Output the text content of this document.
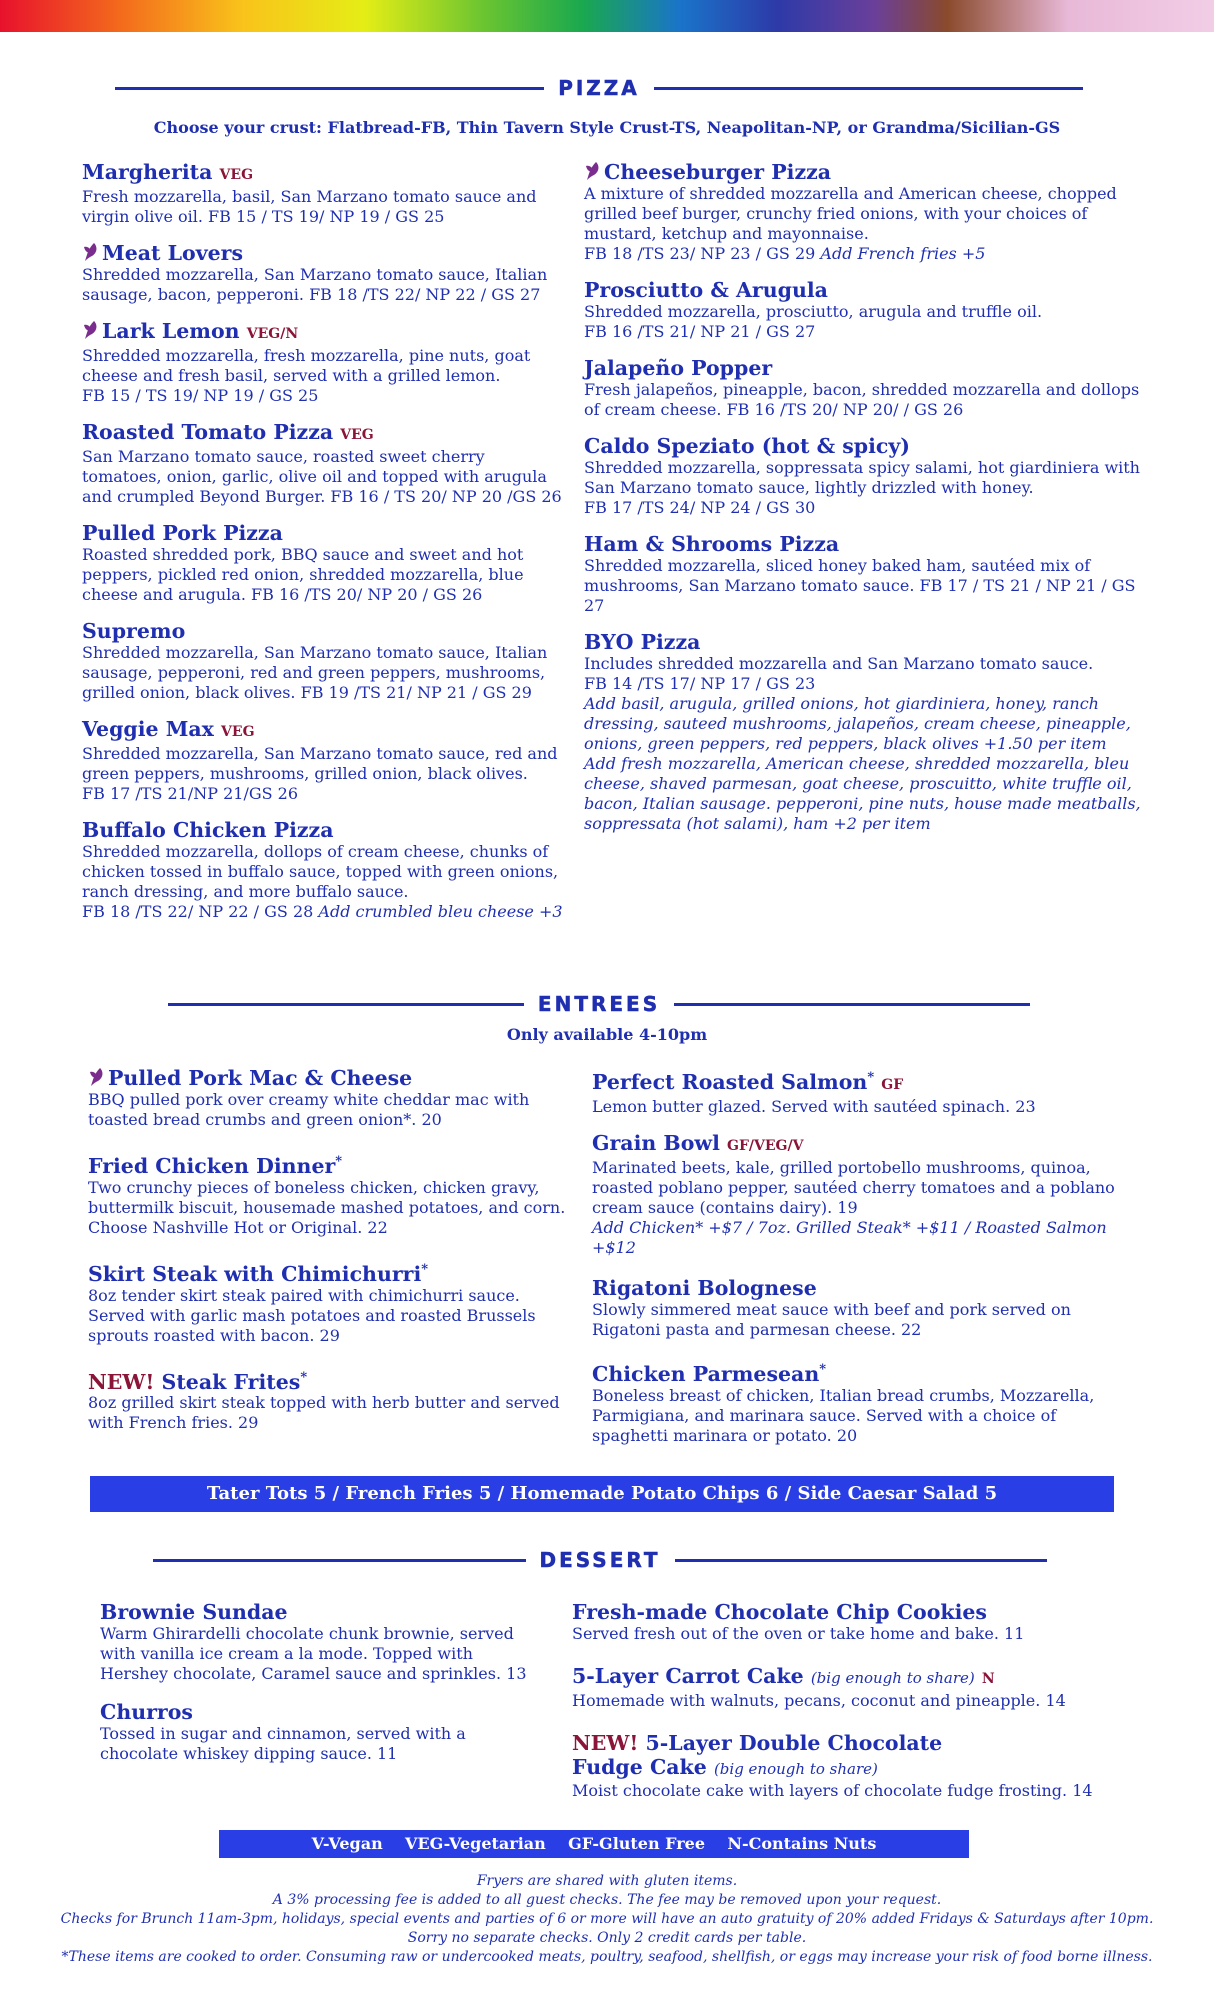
PIZZA
Choose your crust: Flatbread-FB, Thin Tavern Style Crust-TS, Neapolitan-NP, or Grandma/Sicilian-GS
Margherita VEG
Fresh mozzarella, basil, San Marzano tomato sauce and virgin olive oil. FB 15 / TS 19/ NP 19 / GS 25
Meat Lovers
Shredded mozzarella, San Marzano tomato sauce, Italian sausage, bacon, pepperoni. FB 18 /TS 22/ NP 22 / GS 27
Lark Lemon VEG/N
Shredded mozzarella, fresh mozzarella, pine nuts, goat cheese and fresh basil, served with a grilled lemon.
FB 15 / TS 19/ NP 19 / GS 25
Roasted Tomato Pizza VEG
San Marzano tomato sauce, roasted sweet cherry tomatoes, onion, garlic, olive oil and topped with arugula
and crumpled Beyond Burger. FB 16 / TS 20/ NP 20 /GS 26
Pulled Pork Pizza
Roasted shredded pork, BBQ sauce and sweet and hot peppers, pickled red onion, shredded mozzarella, blue cheese and arugula. FB 16 /TS 20/ NP 20 / GS 26
Supremo
Shredded mozzarella, San Marzano tomato sauce, Italian sausage, pepperoni, red and green peppers, mushrooms, grilled onion, black olives. FB 19 /TS 21/ NP 21 / GS 29
Veggie Max VEG
Shredded mozzarella, San Marzano tomato sauce, red and green peppers, mushrooms, grilled onion, black olives.
FB 17 /TS 21/NP 21/GS 26
Buffalo Chicken Pizza
Shredded mozzarella, dollops of cream cheese, chunks of chicken tossed in buffalo sauce, topped with green onions, ranch dressing, and more buffalo sauce.
FB 18 /TS 22/ NP 22 / GS 28 Add crumbled bleu cheese +3
Cheeseburger Pizza
A mixture of shredded mozzarella and American cheese, chopped grilled beef burger, crunchy fried onions, with your choices of mustard, ketchup and mayonnaise.
FB 18 /TS 23/ NP 23 / GS 29 Add French fries +5
Prosciutto & Arugula
Shredded mozzarella, prosciutto, arugula and truffle oil.
FB 16 /TS 21/ NP 21 / GS 27
Jalapeño Popper
Fresh jalapeños, pineapple, bacon, shredded mozzarella and dollops of cream cheese. FB 16 /TS 20/ NP 20/ / GS 26
Caldo Speziato (hot & spicy)
Shredded mozzarella, soppressata spicy salami, hot giardiniera with San Marzano tomato sauce, lightly drizzled with honey.
FB 17 /TS 24/ NP 24 / GS 30
Ham & Shrooms Pizza
Shredded mozzarella, sliced honey baked ham, sautéed mix of mushrooms, San Marzano tomato sauce. FB 17 / TS 21 / NP 21 / GS 27
BYO Pizza
Includes shredded mozzarella and San Marzano tomato sauce.
FB 14 /TS 17/ NP 17 / GS 23
Add basil, arugula, grilled onions, hot giardiniera, honey, ranch dressing, sauteed mushrooms, jalapeños, cream cheese, pineapple, onions, green peppers, red peppers, black olives +1.50 per item
Add fresh mozzarella, American cheese, shredded mozzarella, bleu cheese, shaved parmesan, goat cheese, proscuitto, white truffle oil, bacon, Italian sausage. pepperoni, pine nuts, house made meatballs, soppressata (hot salami), ham +2 per item
ENTREES
Only available 4-10pm
Pulled Pork Mac & Cheese
BBQ pulled pork over creamy white cheddar mac with toasted bread crumbs and green onion*. 20
Fried Chicken Dinner*
Two crunchy pieces of boneless chicken, chicken gravy, buttermilk biscuit, housemade mashed potatoes, and corn. Choose Nashville Hot or Original. 22
Skirt Steak with Chimichurri*
8oz tender skirt steak paired with chimichurri sauce. Served with garlic mash potatoes and roasted Brussels sprouts roasted with bacon. 29
NEW! Steak Frites*
8oz grilled skirt steak topped with herb butter and served with French fries. 29
Perfect Roasted Salmon* GF
Lemon butter glazed. Served with sautéed spinach. 23
Grain Bowl GF/VEG/V
Marinated beets, kale, grilled portobello mushrooms, quinoa, roasted poblano pepper, sautéed cherry tomatoes and a poblano cream sauce (contains dairy). 19
Add Chicken* +$7 / 7oz. Grilled Steak* +$11 / Roasted Salmon +$12
Rigatoni Bolognese
Slowly simmered meat sauce with beef and pork served on Rigatoni pasta and parmesan cheese. 22
Chicken Parmesean*
Boneless breast of chicken, Italian bread crumbs, Mozzarella, Parmigiana, and marinara sauce. Served with a choice of spaghetti marinara or potato. 20
Tater Tots 5 / French Fries 5 / Homemade Potato Chips 6 / Side Caesar Salad 5
DESSERT
Brownie Sundae
Warm Ghirardelli chocolate chunk brownie, served with vanilla ice cream a la mode. Topped with Hershey chocolate, Caramel sauce and sprinkles. 13
Churros
Tossed in sugar and cinnamon, served with a chocolate whiskey dipping sauce. 11
Fresh-made Chocolate Chip Cookies
Served fresh out of the oven or take home and bake. 11
5-Layer Carrot Cake (big enough to share) N
Homemade with walnuts, pecans, coconut and pineapple. 14
NEW! 5-Layer Double Chocolate
Fudge Cake (big enough to share)
Moist chocolate cake with layers of chocolate fudge frosting. 14
V-Vegan    VEG-Vegetarian    GF-Gluten Free    N-Contains Nuts
Fryers are shared with gluten items.
A 3% processing fee is added to all guest checks. The fee may be removed upon your request.
Checks for Brunch 11am-3pm, holidays, special events and parties of 6 or more will have an auto gratuity of 20% added Fridays & Saturdays after 10pm.
Sorry no separate checks. Only 2 credit cards per table.
*These items are cooked to order. Consuming raw or undercooked meats, poultry, seafood, shellfish, or eggs may increase your risk of food borne illness.
